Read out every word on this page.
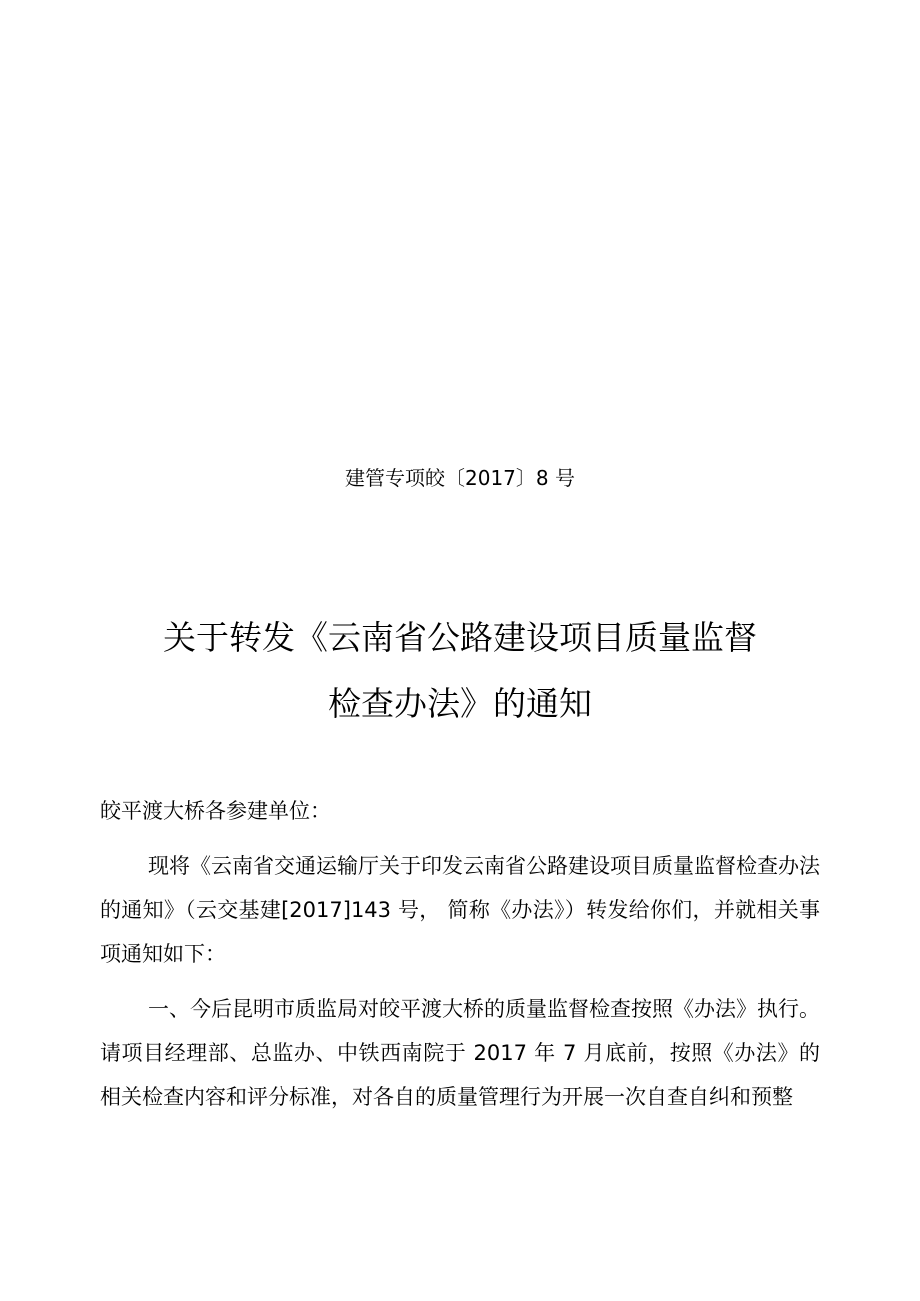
建管专项皎〔2017〕8 号
关于转发《云南省公路建设项目质量监督
检查办法》的通知
皎平渡大桥各参建单位：
现将《云南省交通运输厅关于印发云南省公路建设项目质量监督检查办法的通知》（云交基建[2017]143 号， 简称《办法》）转发给你们，并就相关事项通知如下：
一、今后昆明市质监局对皎平渡大桥的质量监督检查按照《办法》执行。请项目经理部、总监办、中铁西南院于 2017 年 7 月底前，按照《办法》的相关检查内容和评分标准，对各自的质量管理行为开展一次自查自纠和预整
